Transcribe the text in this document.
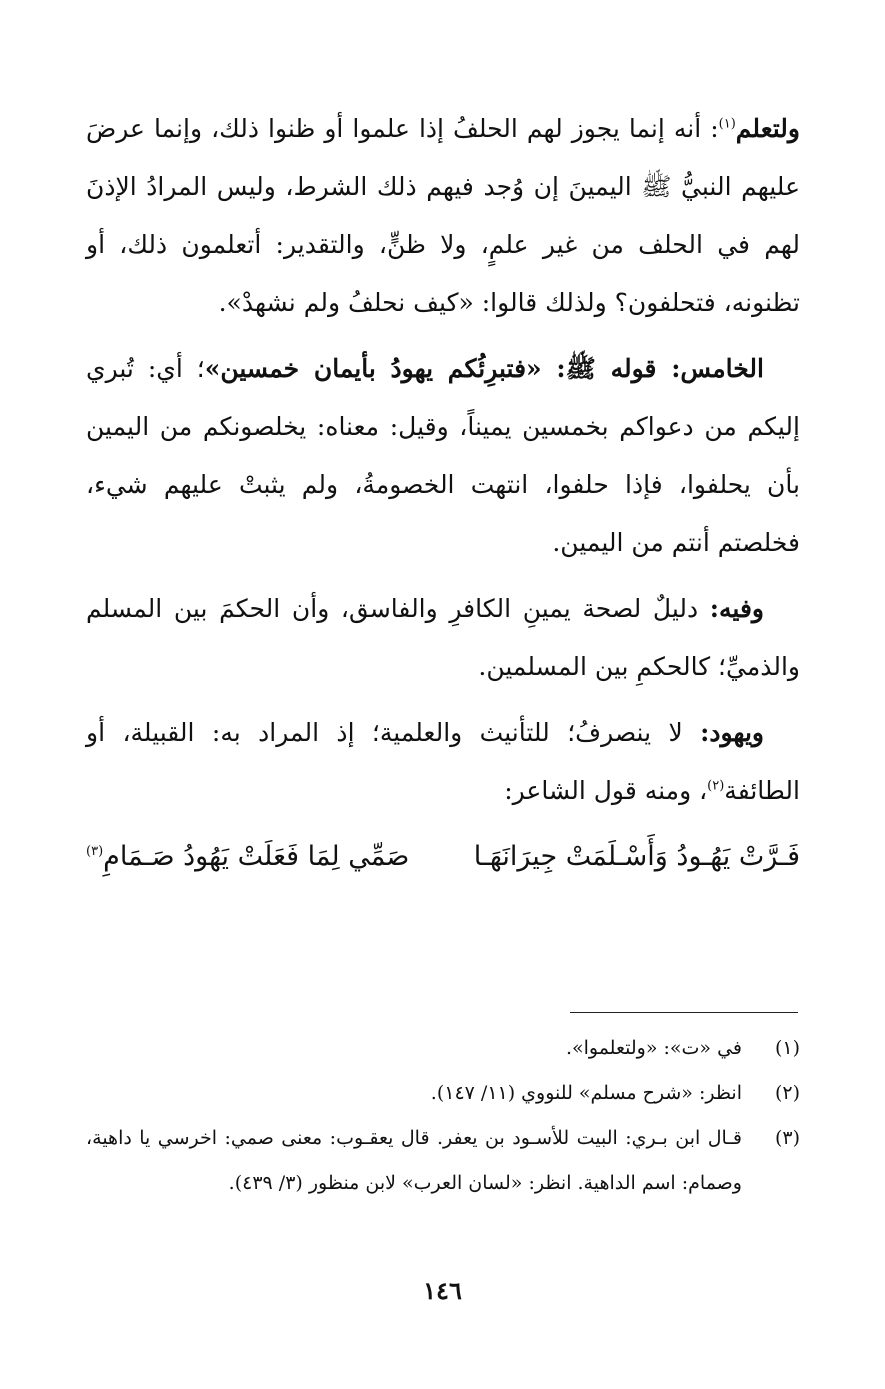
ولتعلم$^{(١)}$: أنه إنما يجوز لهم الحلفُ إذا علموا أو ظنوا ذلك، وإنما عرضَ عليهم النبيُّ ﷺ اليمينَ إن وُجد فيهم ذلك الشرط، وليس المرادُ الإذنَ لهم في الحلف من غير علمٍ، ولا ظنٍّ، والتقدير: أتعلمون ذلك، أو تظنونه، فتحلفون؟ ولذلك قالوا: «كيف نحلفُ ولم نشهدْ».

الخامس: قوله ﷺ: «فتبرِئُكم يهودُ بأيمان خمسين»؛ أي: تُبري إليكم من دعواكم بخمسين يميناً، وقيل: معناه: يخلصونكم من اليمين بأن يحلفوا، فإذا حلفوا، انتهت الخصومةُ، ولم يثبتْ عليهم شيء، فخلصتم أنتم من اليمين.

وفيه: دليلٌ لصحة يمينِ الكافرِ والفاسق، وأن الحكمَ بين المسلم والذميِّ؛ كالحكمِ بين المسلمين.

ويهود: لا ينصرفُ؛ للتأنيث والعلمية؛ إذ المراد به: القبيلة، أو الطائفة$^{(٢)}$، ومنه قول الشاعر:

فَـرَّتْ يَهُـودُ وَأَسْـلَمَتْ جِيرَانَهَـا
صَمِّي لِمَا فَعَلَتْ يَهُودُ صَـمَامِ$^{(٣)}$
(١)
في «ت»: «ولتعلموا».
(٢)
انظر: «شرح مسلم» للنووي (١١/ ١٤٧).
(٣)
قـال ابن بـري: البيت للأسـود بن يعفر. قال يعقـوب: معنى صمي: اخرسي يا داهية، وصمام: اسم الداهية. انظر: «لسان العرب» لابن منظور (٣/ ٤٣٩).
١٤٦
